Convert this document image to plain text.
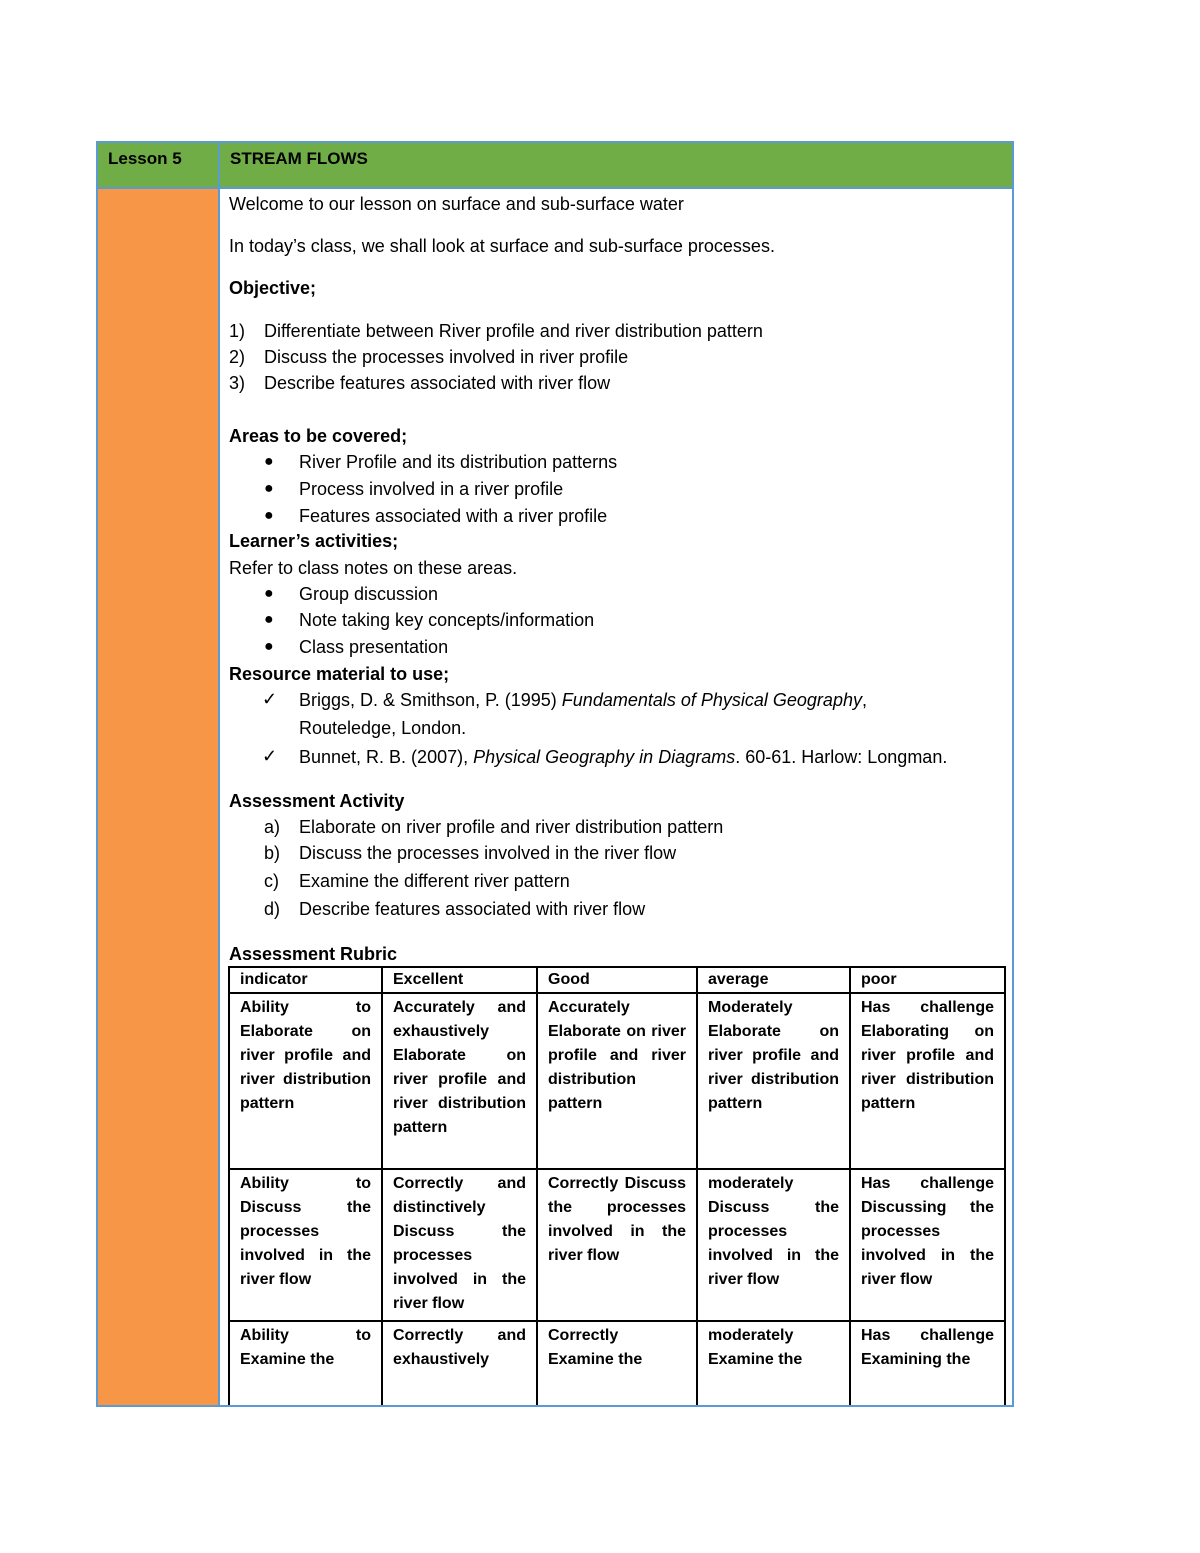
Lesson 5	STREAM FLOWS
Welcome to our lesson on surface and sub-surface water
In today’s class, we shall look at surface and sub-surface processes.
Objective;
1) Differentiate between River profile and river distribution pattern
2) Discuss the processes involved in river profile
3) Describe features associated with river flow
Areas to be covered;
● River Profile and its distribution patterns
● Process involved in a river profile
● Features associated with a river profile
Learner’s activities;
Refer to class notes on these areas.
● Group discussion
● Note taking key concepts/information
● Class presentation
Resource material to use;
✓ Briggs, D. & Smithson, P. (1995) Fundamentals of Physical Geography,
Routeledge, London.
✓ Bunnet, R. B. (2007), Physical Geography in Diagrams. 60-61. Harlow: Longman.
Assessment Activity
a) Elaborate on river profile and river distribution pattern
b) Discuss the processes involved in the river flow
c) Examine the different river pattern
d) Describe features associated with river flow
Assessment Rubric
indicator	Excellent	Good	average	poor
Ability to Elaborate on river profile and river distribution pattern	Accurately and exhaustively Elaborate on river profile and river distribution pattern	Accurately Elaborate on river profile and river distribution pattern	Moderately Elaborate on river profile and river distribution pattern	Has challenge Elaborating on river profile and river distribution pattern
Ability to Discuss the processes involved in the river flow	Correctly and distinctively Discuss the processes involved in the river flow	Correctly Discuss the processes involved in the river flow	moderately Discuss the processes involved in the river flow	Has challenge Discussing the processes involved in the river flow
Ability to Examine the	Correctly and exhaustively	Correctly Examine the	moderately Examine the	Has challenge Examining the
